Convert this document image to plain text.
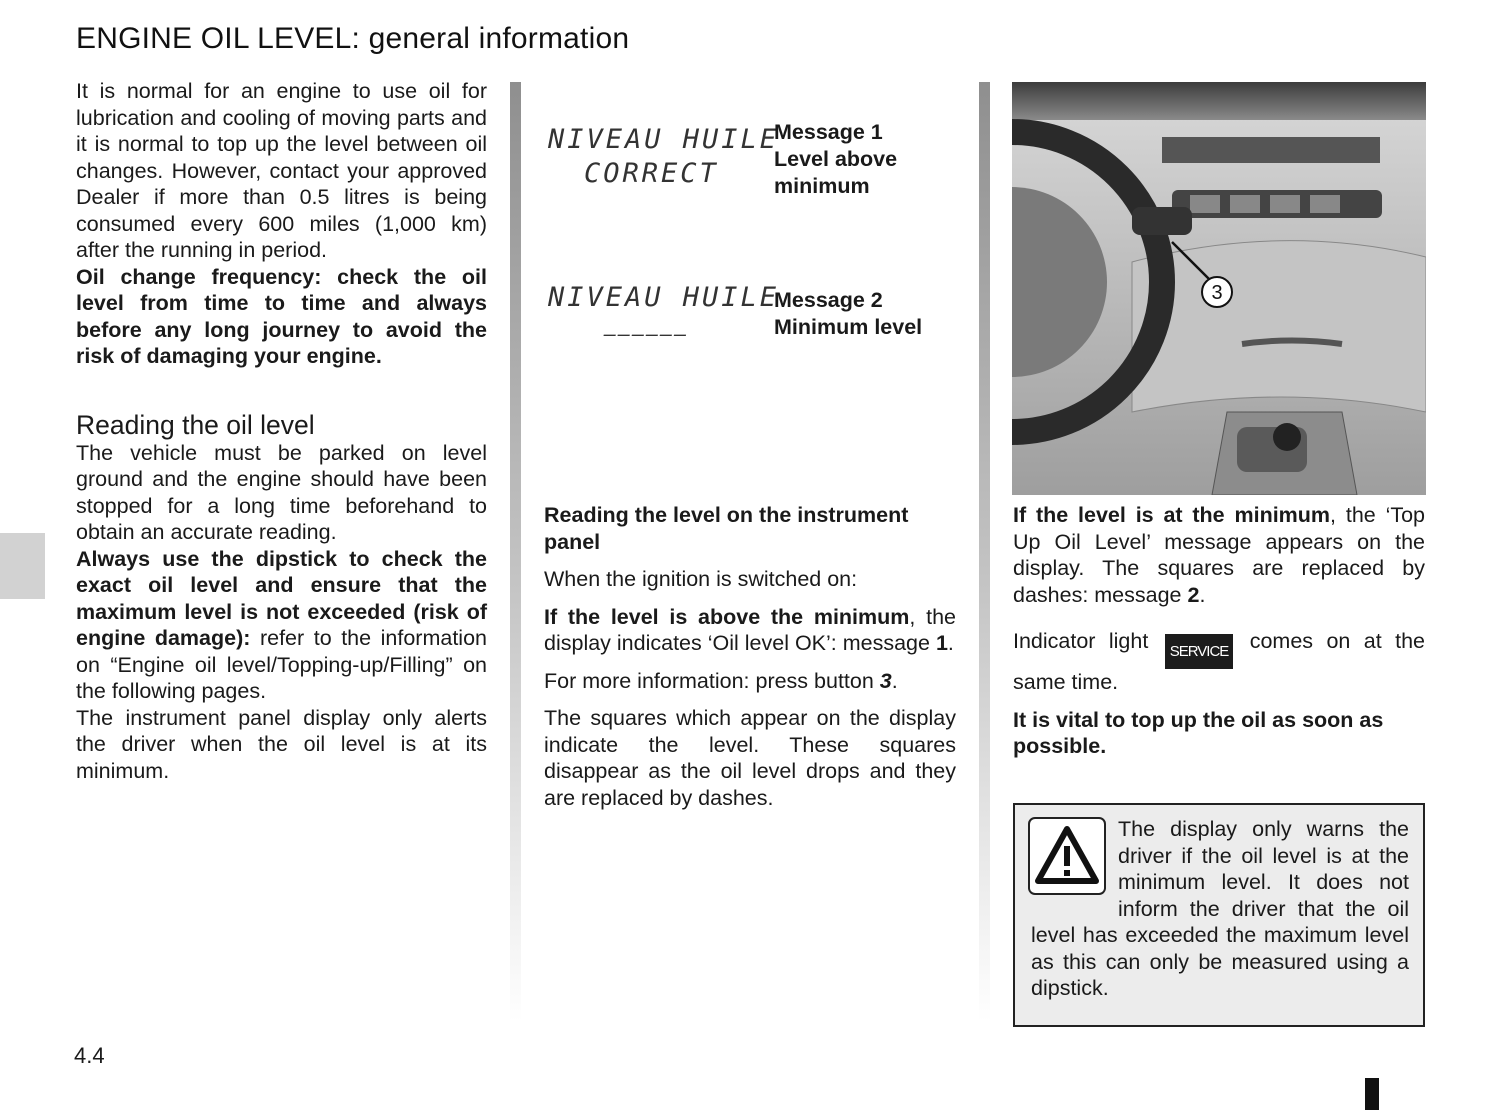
ENGINE OIL LEVEL: general information

It is normal for an engine to use oil for lubrication and cooling of moving parts and it is normal to top up the level between oil changes. However, contact your approved Dealer if more than 0.5 litres is being consumed every 600 miles (1,000 km) after the running in period.

Oil change frequency: check the oil level from time to time and always before any long journey to avoid the risk of damaging your engine.

Reading the oil level

The vehicle must be parked on level ground and the engine should have been stopped for a long time beforehand to obtain an accurate reading.

Always use the dipstick to check the exact oil level and ensure that the maximum level is not exceeded (risk of engine damage): refer to the information on “Engine oil level/Topping-up/Filling” on the following pages.

The instrument panel display only alerts the driver when the oil level is at its minimum.

NIVEAU HUILE
CORRECT
Message 1
Level above
minimum
NIVEAU HUILE
––––––
Message 2
Minimum level

Reading the level on the instrument panel

When the ignition is switched on:

If the level is above the minimum, the display indicates ‘Oil level OK’: message 1.

For more information: press button 3.

The squares which appear on the display indicate the level. These squares disappear as the oil level drops and they are replaced by dashes.

3

If the level is at the minimum, the ‘Top Up Oil Level’ message appears on the display. The squares are replaced by dashes: message 2.

Indicator light SERVICE comes on at the same time.

It is vital to top up the oil as soon as possible.

The display only warns the driver if the oil level is at the minimum level. It does not inform the driver that the oil level has exceeded the maximum level as this can only be measured using a dipstick.
4.4
